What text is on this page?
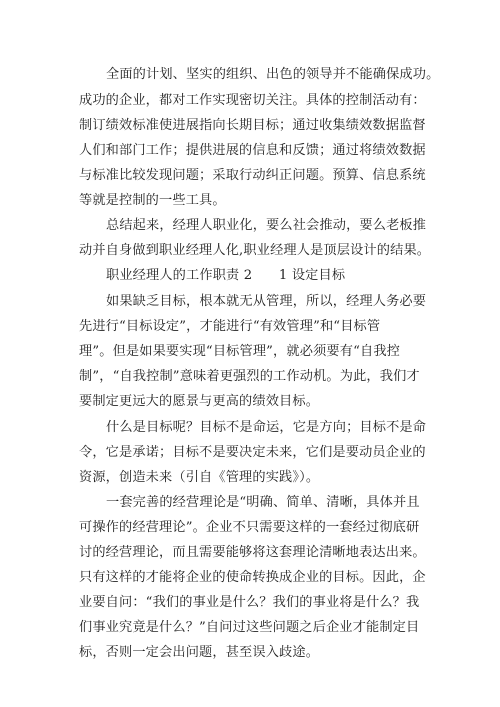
全面的计划、坚实的组织、出色的领导并不能确保成功。
成功的企业，都对工作实现密切关注。具体的控制活动有：
制订绩效标准使进展指向长期目标；通过收集绩效数据监督
人们和部门工作；提供进展的信息和反馈；通过将绩效数据
与标准比较发现问题；采取行动纠正问题。预算、信息系统
等就是控制的一些工具。
总结起来，经理人职业化，要么社会推动，要么老板推
动并自身做到职业经理人化,职业经理人是顶层设计的结果。
职业经理人的工作职责 2　　1 设定目标
如果缺乏目标，根本就无从管理，所以，经理人务必要
先进行“目标设定”，才能进行“有效管理”和“目标管
理”。但是如果要实现“目标管理”，就必须要有“自我控
制”，“自我控制”意味着更强烈的工作动机。为此，我们才
要制定更远大的愿景与更高的绩效目标。
什么是目标呢？目标不是命运，它是方向；目标不是命
令，它是承诺；目标不是要决定未来，它们是要动员企业的
资源，创造未来（引自《管理的实践》）。
一套完善的经营理论是“明确、简单、清晰，具体并且
可操作的经营理论”。企业不只需要这样的一套经过彻底研
讨的经营理论，而且需要能够将这套理论清晰地表达出来。
只有这样的才能将企业的使命转换成企业的目标。因此，企
业要自问：“我们的事业是什么？我们的事业将是什么？我
们事业究竟是什么？”自问过这些问题之后企业才能制定目
标，否则一定会出问题，甚至误入歧途。
